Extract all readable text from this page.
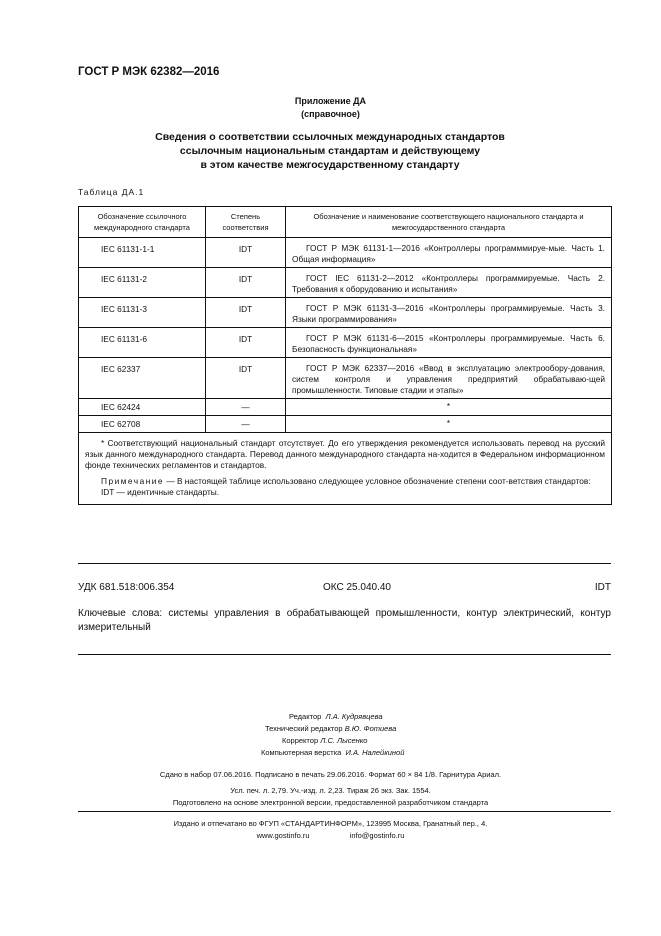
ГОСТ Р МЭК 62382—2016
Приложение ДА
(справочное)
Сведения о соответствии ссылочных международных стандартов
ссылочным национальным стандартам и действующему
в этом качестве межгосударственному стандарту
Таблица ДА.1
Обозначение ссылочного международного стандарта	Степень соответствия	Обозначение и наименование соответствующего национального стандарта и межгосударственного стандарта
IEC 61131-1-1	IDT	ГОСТ Р МЭК 61131-1—2016 «Контроллеры программмируе-мые. Часть 1. Общая информация»
IEC 61131-2	IDT	ГОСТ IEC 61131-2—2012 «Контроллеры программируемые. Часть 2. Требования к оборудованию и испытания»
IEC 61131-3	IDT	ГОСТ Р МЭК 61131-3—2016 «Контроллеры программируемые. Часть 3. Языки программирования»
IEC 61131-6	IDT	ГОСТ Р МЭК 61131-6—2015 «Контроллеры программируемые. Часть 6. Безопасность функциональная»
IEC 62337	IDT	ГОСТ Р МЭК 62337—2016 «Ввод в эксплуатацию электрообору-дования, систем контроля и управления предприятий обрабатываю-щей промышленности. Типовые стадии и этапы»
IEC 62424	—	*
IEC 62708	—	*

* Соответствующий национальный стандарт отсутствует. До его утверждения рекомендуется использовать перевод на русский язык данного международного стандарта. Перевод данного международного стандарта на-ходится в Федеральном информационном фонде технических регламентов и стандартов.

Примечание — В настоящей таблице использовано следующее условное обозначение степени соот-ветствия стандартов:

IDT — идентичные стандарты.		

УДК 681.518:006.354	ОКС 25.040.40	IDT
Ключевые слова: системы управления в обрабатывающей промышленности, контур электрический, контур измерительный
Редактор Л.А. Кудрявцева
Технический редактор В.Ю. Фотиева
Корректор Л.С. Лысенко
Компьютерная верстка И.А. Налейкиной
Сдано в набор 07.06.2016. Подписано в печать 29.06.2016. Формат 60 × 84 1/8. Гарнитура Ариал.
Усл. печ. л. 2,79. Уч.-изд. л. 2,23. Тираж 26 экз. Зак. 1554.
Подготовлено на основе электронной версии, предоставленной разработчиком стандарта
Издано и отпечатано во ФГУП «СТАНДАРТИНФОРМ», 123995 Москва, Гранатный пер., 4.
www.gostinfo.ru	info@gostinfo.ru
